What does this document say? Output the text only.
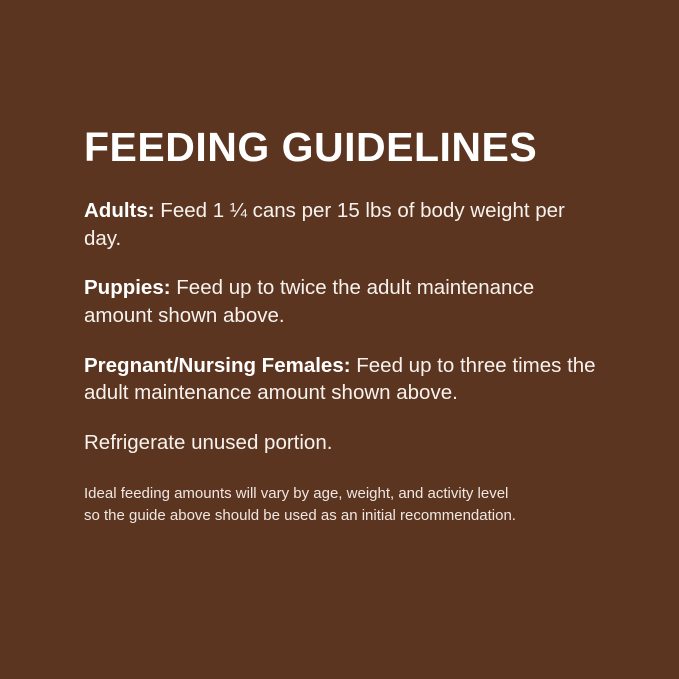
FEEDING GUIDELINES

Adults: Feed 1 ¼ cans per 15 lbs of body weight per day.

Puppies: Feed up to twice the adult maintenance amount shown above.

Pregnant/Nursing Females: Feed up to three times the adult maintenance amount shown above.

Refrigerate unused portion.

Ideal feeding amounts will vary by age, weight, and activity level
so the guide above should be used as an initial recommendation.
